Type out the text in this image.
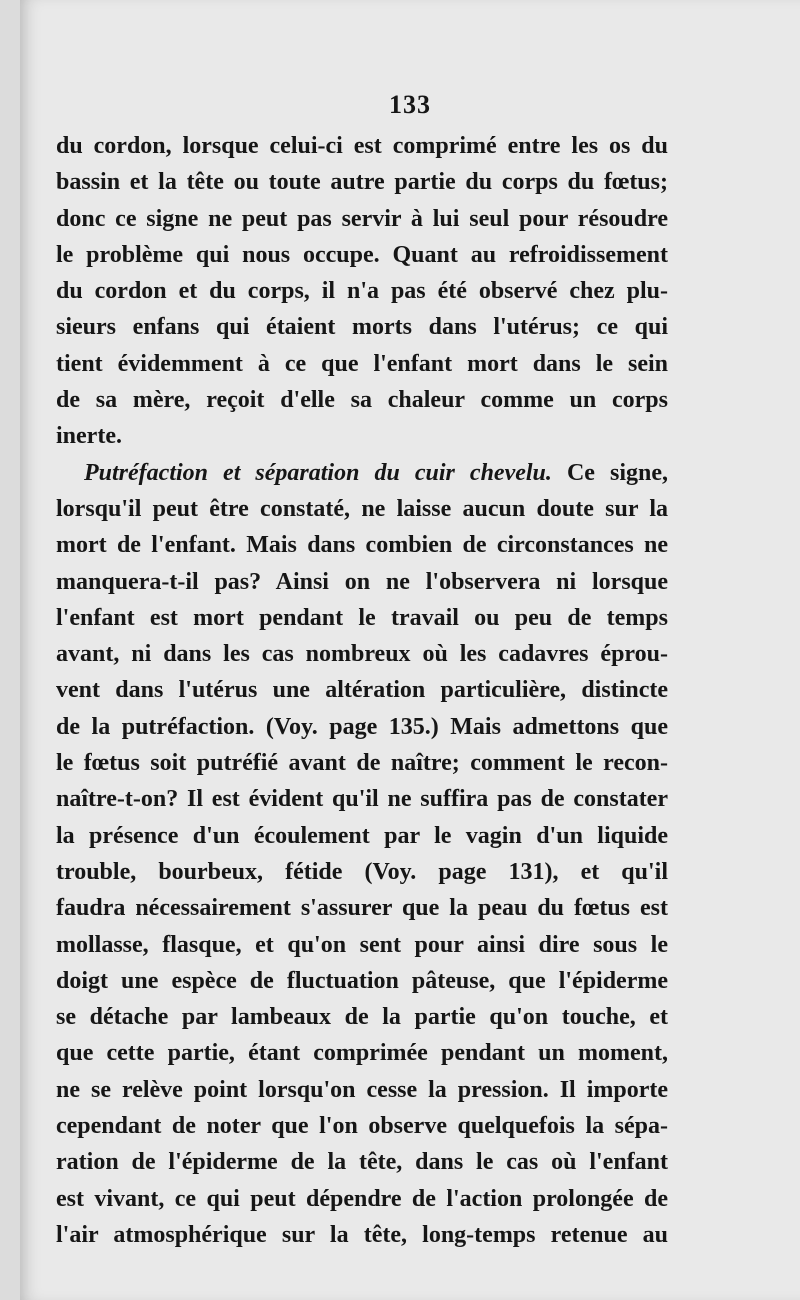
133
du cordon, lorsque celui-ci est comprimé entre les os du
bassin et la tête ou toute autre partie du corps du fœtus;
donc ce signe ne peut pas servir à lui seul pour résoudre
le problème qui nous occupe. Quant au refroidissement
du cordon et du corps, il n'a pas été observé chez plu-
sieurs enfans qui étaient morts dans l'utérus; ce qui
tient évidemment à ce que l'enfant mort dans le sein
de sa mère, reçoit d'elle sa chaleur comme un corps
inerte.
Putréfaction et séparation du cuir chevelu. Ce signe,
lorsqu'il peut être constaté, ne laisse aucun doute sur la
mort de l'enfant. Mais dans combien de circonstances ne
manquera-t-il pas? Ainsi on ne l'observera ni lorsque
l'enfant est mort pendant le travail ou peu de temps
avant, ni dans les cas nombreux où les cadavres éprou-
vent dans l'utérus une altération particulière, distincte
de la putréfaction. (Voy. page 135.) Mais admettons que
le fœtus soit putréfié avant de naître; comment le recon-
naître-t-on? Il est évident qu'il ne suffira pas de constater
la présence d'un écoulement par le vagin d'un liquide
trouble, bourbeux, fétide (Voy. page 131), et qu'il
faudra nécessairement s'assurer que la peau du fœtus est
mollasse, flasque, et qu'on sent pour ainsi dire sous le
doigt une espèce de fluctuation pâteuse, que l'épiderme
se détache par lambeaux de la partie qu'on touche, et
que cette partie, étant comprimée pendant un moment,
ne se relève point lorsqu'on cesse la pression. Il importe
cependant de noter que l'on observe quelquefois la sépa-
ration de l'épiderme de la tête, dans le cas où l'enfant
est vivant, ce qui peut dépendre de l'action prolongée de
l'air atmosphérique sur la tête, long-temps retenue au
